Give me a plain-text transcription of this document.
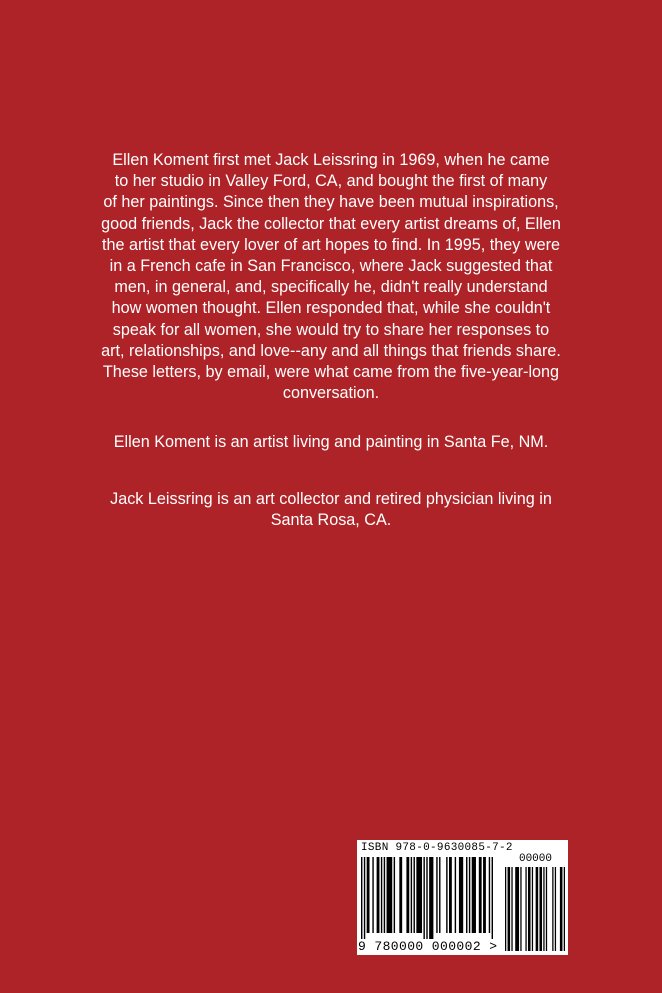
Ellen Koment first met Jack Leissring in 1969, when he came
to her studio in Valley Ford, CA, and bought the first of many
of her paintings. Since then they have been mutual inspirations,
good friends, Jack the collector that every artist dreams of, Ellen
the artist that every lover of art hopes to find. In 1995, they were
in a French cafe in San Francisco, where Jack suggested that
men, in general, and, specifically he, didn't really understand
how women thought. Ellen responded that, while she couldn't
speak for all women, she would try to share her responses to
art, relationships, and love--any and all things that friends share.
These letters, by email, were what came from the five-year-long
conversation.

Ellen Koment is an artist living and painting in Santa Fe, NM.

Jack Leissring is an art collector and retired physician living in
Santa Rosa, CA.

ISBN 978-0-9630085-7-2
00000
9 780000 000002 >
